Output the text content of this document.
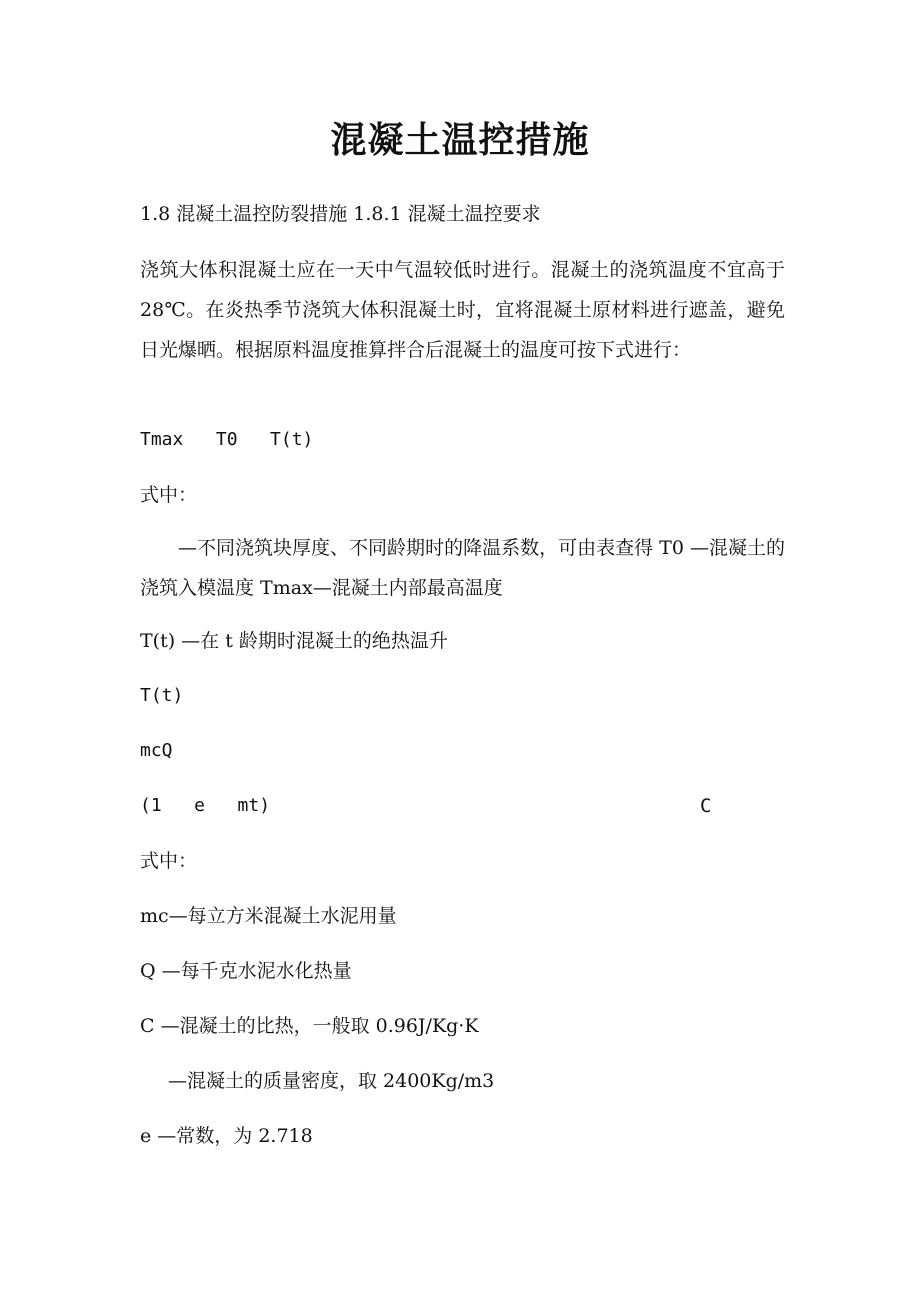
混凝土温控措施

1.8 混凝土温控防裂措施 1.8.1 混凝土温控要求

浇筑大体积混凝土应在一天中气温较低时进行。混凝土的浇筑温度不宜高于 28℃。在炎热季节浇筑大体积混凝土时，宜将混凝土原材料进行遮盖，避免日光爆晒。根据原料温度推算拌合后混凝土的温度可按下式进行：

Tmax   T0   T(t)

式中：

—不同浇筑块厚度、不同龄期时的降温系数，可由表查得 T0 —混凝土的浇筑入模温度 Tmax—混凝土内部最高温度

T(t) —在 t 龄期时混凝土的绝热温升

T(t)

mcQ

(1   e   mt)	C

式中：

mc—每立方米混凝土水泥用量

Q —每千克水泥水化热量

C —混凝土的比热，一般取 0.96J/Kg·K

—混凝土的质量密度，取 2400Kg/m3

e —常数，为 2.718
